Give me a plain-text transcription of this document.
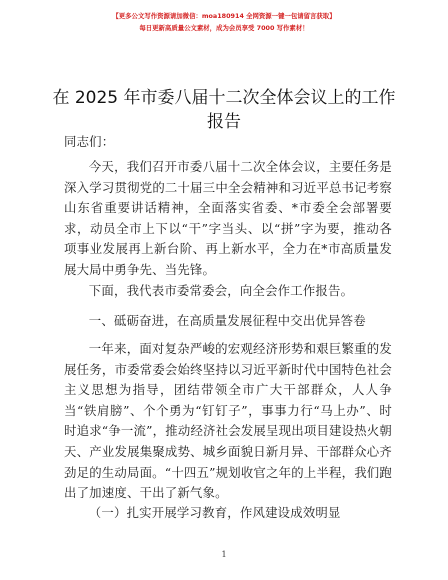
【更多公文写作资源请加微信：moa180914 全网资源一键一包请留言获取】
每日更新高质量公文素材，成为会员享受 7000 写作素材！
在 2025 年市委八届十二次全体会议上的工作报告
同志们：
今天，我们召开市委八届十二次全体会议，主要任务是深入学习贯彻党的二十届三中全会精神和习近平总书记考察山东省重要讲话精神，全面落实省委、*市委全会部署要求，动员全市上下以“干”字当头、以“拼”字为要，推动各项事业发展再上新台阶、再上新水平，全力在*市高质量发展大局中勇争先、当先锋。
下面，我代表市委常委会，向全会作工作报告。
一、砥砺奋进，在高质量发展征程中交出优异答卷
一年来，面对复杂严峻的宏观经济形势和艰巨繁重的发展任务，市委常委会始终坚持以习近平新时代中国特色社会主义思想为指导，团结带领全市广大干部群众，人人争当“铁肩膀”、个个勇为“钉钉子”，事事力行“马上办”、时时追求“争一流”，推动经济社会发展呈现出项目建设热火朝天、产业发展集聚成势、城乡面貌日新月异、干部群众心齐劲足的生动局面。“十四五”规划收官之年的上半程，我们跑出了加速度、干出了新气象。
（一）扎实开展学习教育，作风建设成效明显
1
